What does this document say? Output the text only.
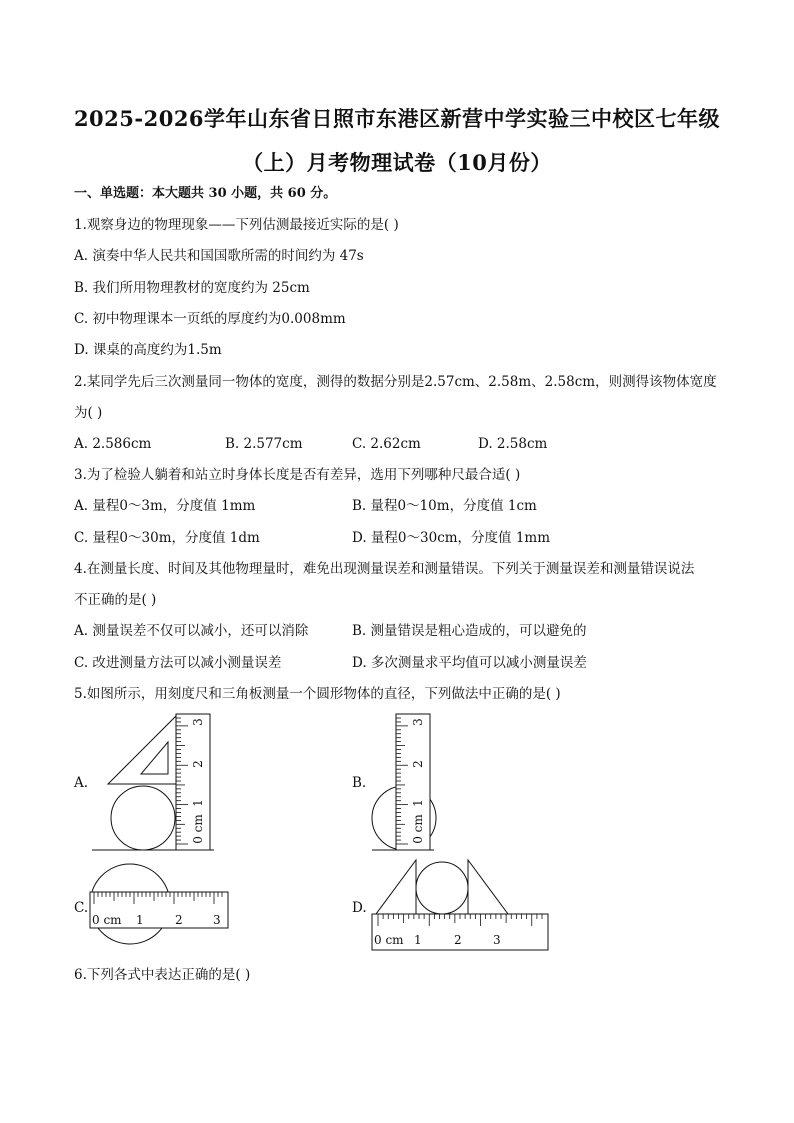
2025-2026学年山东省日照市东港区新营中学实验三中校区七年级
（上）月考物理试卷（10月份）
一、单选题：本大题共 30 小题，共 60 分。
1.观察身边的物理现象——下列估测最接近实际的是( )
A. 演奏中华人民共和国国歌所需的时间约为 47s
B. 我们所用物理教材的宽度约为 25cm
C. 初中物理课本一页纸的厚度约为0.008mm
D. 课桌的高度约为1.5m
2.某同学先后三次测量同一物体的宽度，测得的数据分别是2.57cm、2.58m、2.58cm，则测得该物体宽度
为( )
A. 2.586cm	B. 2.577cm	C. 2.62cm	D. 2.58cm
3.为了检验人躺着和站立时身体长度是否有差异，选用下列哪种尺最合适( )
A. 量程0～3m，分度值 1mm	B. 量程0～10m，分度值 1cm
C. 量程0～30m，分度值 1dm	D. 量程0～30cm，分度值 1mm
4.在测量长度、时间及其他物理量时，难免出现测量误差和测量错误。下列关于测量误差和测量错误说法
不正确的是( )
A. 测量误差不仅可以减小，还可以消除	B. 测量错误是粗心造成的，可以避免的
C. 改进测量方法可以减小测量误差	D. 多次测量求平均值可以减小测量误差
5.如图所示，用刻度尺和三角板测量一个圆形物体的直径，下列做法中正确的是( )
A.	B.
C.	D.
3
2
1
0 cm
3
2
1
0 cm
0 cm 1	2	3
0 cm 1	2	3
6.下列各式中表达正确的是( )
